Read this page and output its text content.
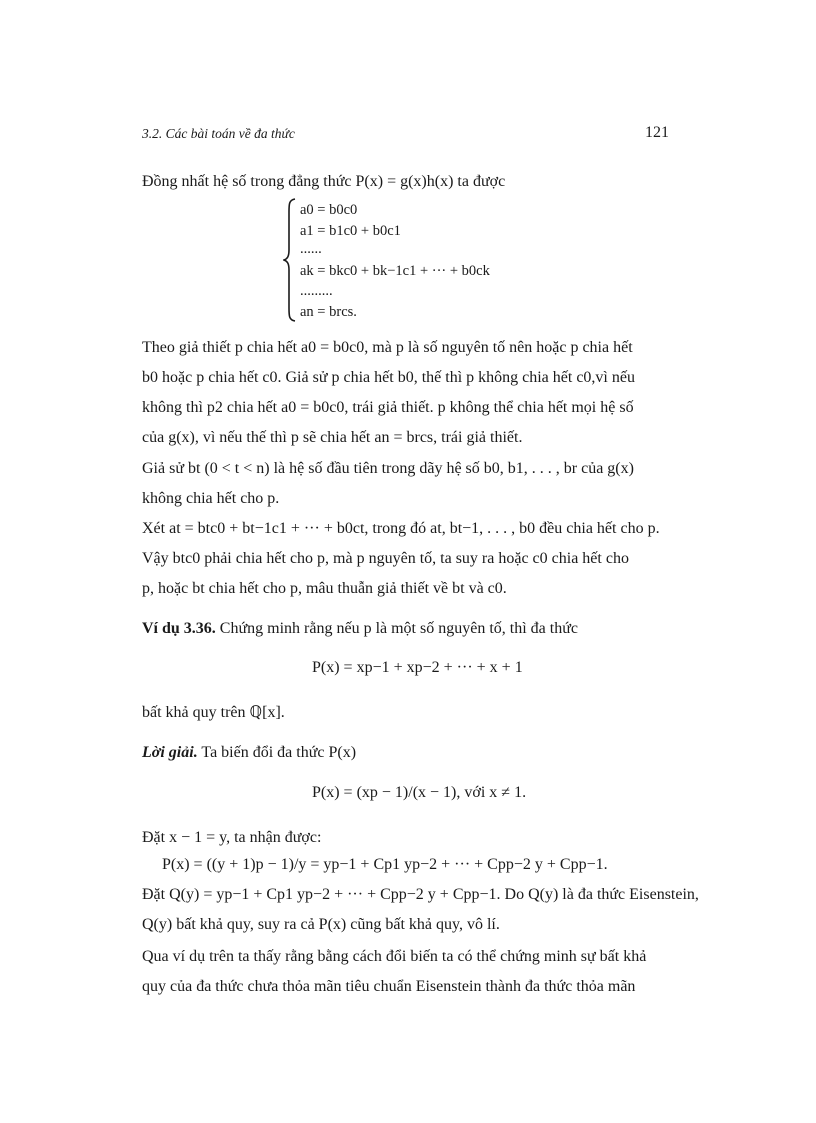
3.2. Các bài toán về đa thức	121
Đồng nhất hệ số trong đẳng thức P(x) = g(x)h(x) ta được
a0 = b0c0
a1 = b1c0 + b0c1
......
ak = bkc0 + bk−1c1 + ··· + b0ck
.........
an = brcs.
Theo giả thiết p chia hết a0 = b0c0, mà p là số nguyên tố nên hoặc p chia hết
b0 hoặc p chia hết c0. Giả sử p chia hết b0, thế thì p không chia hết c0,vì nếu
không thì p2 chia hết a0 = b0c0, trái giả thiết. p không thể chia hết mọi hệ số
của g(x), vì nếu thế thì p sẽ chia hết an = brcs, trái giả thiết.
Giả sử bt (0 < t < n) là hệ số đầu tiên trong dãy hệ số b0, b1, . . . , br của g(x)
không chia hết cho p.
Xét at = btc0 + bt−1c1 + ··· + b0ct, trong đó at, bt−1, . . . , b0 đều chia hết cho p.
Vậy btc0 phải chia hết cho p, mà p nguyên tố, ta suy ra hoặc c0 chia hết cho
p, hoặc bt chia hết cho p, mâu thuẫn giả thiết về bt và c0.
Ví dụ 3.36. Chứng minh rằng nếu p là một số nguyên tố, thì đa thức
P(x) = xp−1 + xp−2 + ··· + x + 1
bất khả quy trên ℚ[x].
Lời giải. Ta biến đổi đa thức P(x)
P(x) = (xp − 1)/(x − 1), với x ≠ 1.
Đặt x − 1 = y, ta nhận được:
P(x) = ((y + 1)p − 1)/y = yp−1 + Cp1 yp−2 + ··· + Cpp−2 y + Cpp−1.
Đặt Q(y) = yp−1 + Cp1 yp−2 + ··· + Cpp−2 y + Cpp−1. Do Q(y) là đa thức Eisenstein,
Q(y) bất khả quy, suy ra cả P(x) cũng bất khả quy, vô lí.
Qua ví dụ trên ta thấy rằng bằng cách đổi biến ta có thể chứng minh sự bất khả
quy của đa thức chưa thỏa mãn tiêu chuẩn Eisenstein thành đa thức thỏa mãn
